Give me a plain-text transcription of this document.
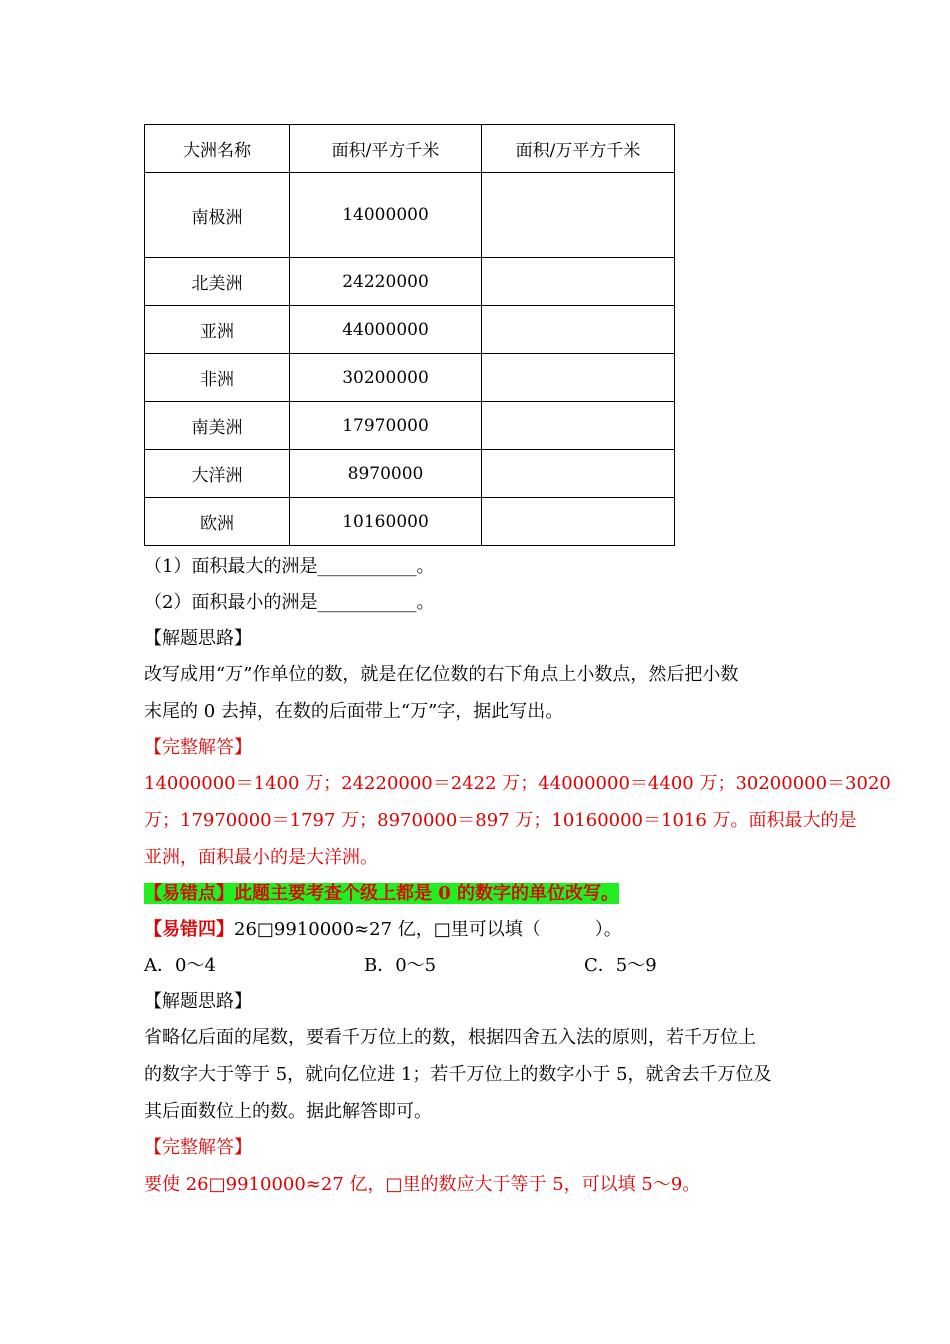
大洲名称	面积/平方千米	面积/万平方千米
南极洲	14000000	
北美洲	24220000	
亚洲	44000000	
非洲	30200000	
南美洲	17970000	
大洋洲	8970000	
欧洲	10160000	
（1）面积最大的洲是___________。
（2）面积最小的洲是___________。
【解题思路】
改写成用“万”作单位的数，就是在亿位数的右下角点上小数点，然后把小数
末尾的 0 去掉，在数的后面带上“万”字，据此写出。
【完整解答】
14000000＝1400 万；24220000＝2422 万；44000000＝4400 万；30200000＝3020
万；17970000＝1797 万；8970000＝897 万；10160000＝1016 万。面积最大的是
亚洲，面积最小的是大洋洲。
【易错点】此题主要考查个级上都是 0 的数字的单位改写。
【易错四】26□9910000≈27 亿，□里可以填（　　　）。
A．0～4	B．0～5	C．5～9
【解题思路】
省略亿后面的尾数，要看千万位上的数，根据四舍五入法的原则，若千万位上
的数字大于等于 5，就向亿位进 1；若千万位上的数字小于 5，就舍去千万位及
其后面数位上的数。据此解答即可。
【完整解答】
要使 26□9910000≈27 亿，□里的数应大于等于 5，可以填 5～9。
